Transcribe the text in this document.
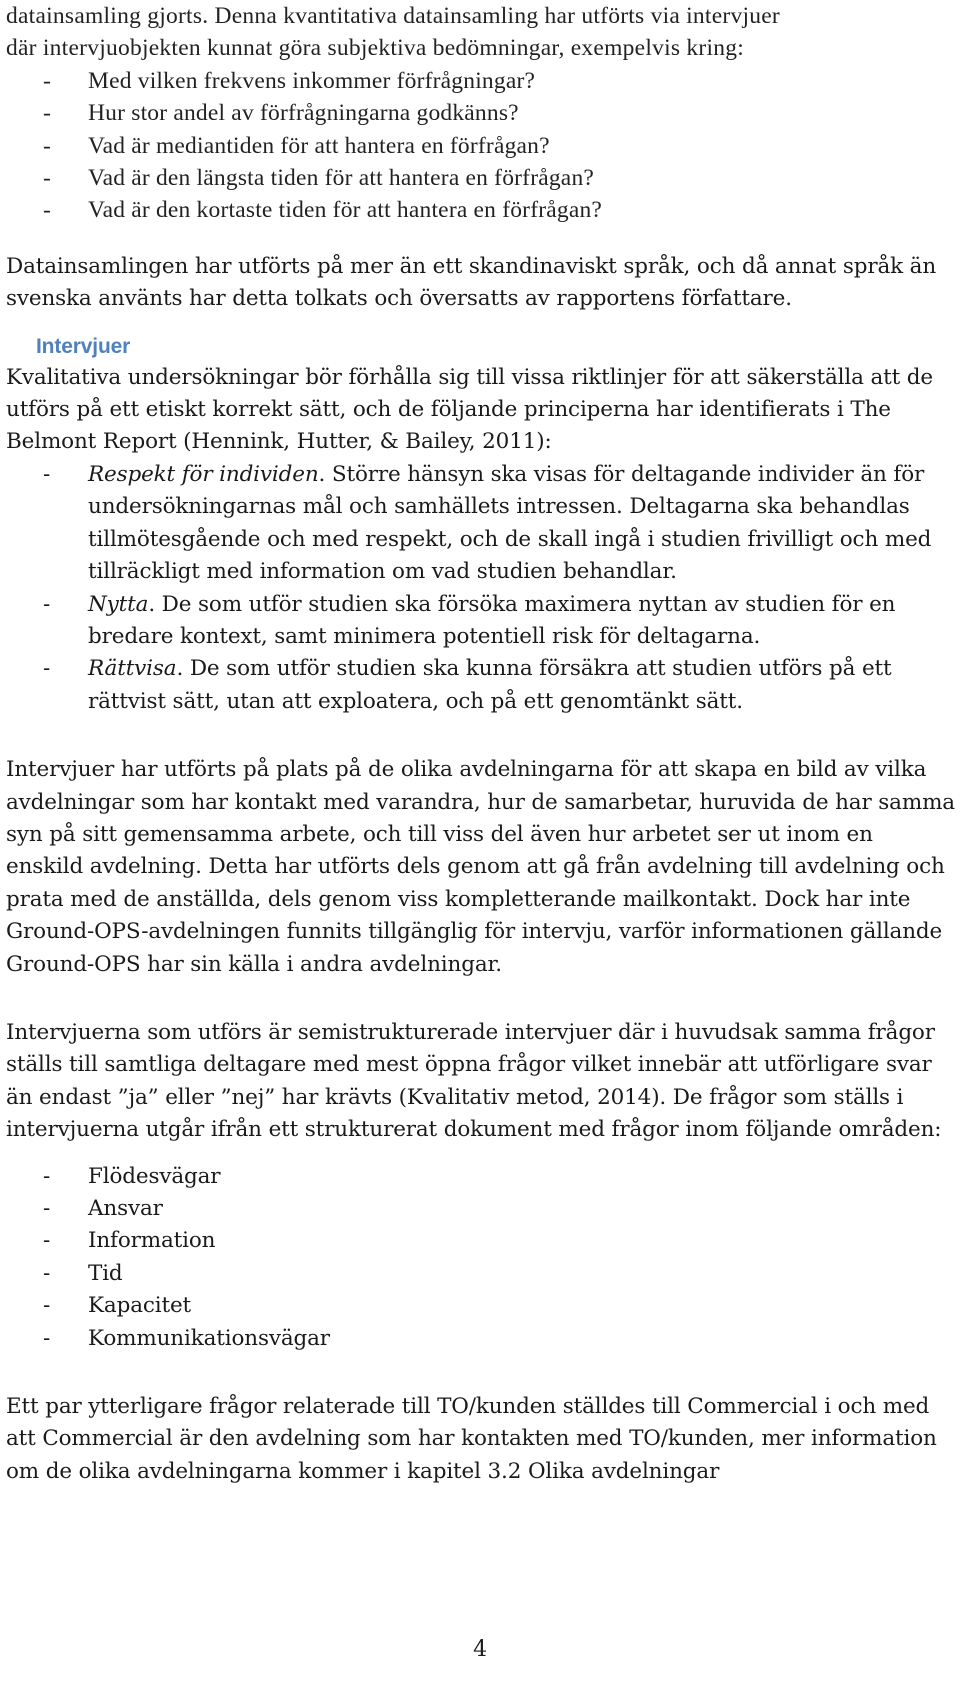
datainsamling gjorts. Denna kvantitativa datainsamling har utförts via intervjuer

där intervjuobjekten kunnat göra subjektiva bedömningar, exempelvis kring:

- Med vilken frekvens inkommer förfrågningar?
- Hur stor andel av förfrågningarna godkänns?
- Vad är mediantiden för att hantera en förfrågan?
- Vad är den längsta tiden för att hantera en förfrågan?
- Vad är den kortaste tiden för att hantera en förfrågan?

Datainsamlingen har utförts på mer än ett skandinaviskt språk, och då annat språk än svenska använts har detta tolkats och översatts av rapportens författare.

Intervjuer

Kvalitativa undersökningar bör förhålla sig till vissa riktlinjer för att säkerställa att de utförs på ett etiskt korrekt sätt, och de följande principerna har identifierats i The Belmont Report (Hennink, Hutter, & Bailey, 2011):

- Respekt för individen. Större hänsyn ska visas för deltagande individer än för undersökningarnas mål och samhällets intressen. Deltagarna ska behandlas tillmötesgående och med respekt, och de skall ingå i studien frivilligt och med tillräckligt med information om vad studien behandlar.
- Nytta. De som utför studien ska försöka maximera nyttan av studien för en bredare kontext, samt minimera potentiell risk för deltagarna.
- Rättvisa. De som utför studien ska kunna försäkra att studien utförs på ett rättvist sätt, utan att exploatera, och på ett genomtänkt sätt.

Intervjuer har utförts på plats på de olika avdelningarna för att skapa en bild av vilka avdelningar som har kontakt med varandra, hur de samarbetar, huruvida de har samma syn på sitt gemensamma arbete, och till viss del även hur arbetet ser ut inom en enskild avdelning. Detta har utförts dels genom att gå från avdelning till avdelning och prata med de anställda, dels genom viss kompletterande mailkontakt. Dock har inte Ground-OPS-avdelningen funnits tillgänglig för intervju, varför informationen gällande Ground-OPS har sin källa i andra avdelningar.

Intervjuerna som utförs är semistrukturerade intervjuer där i huvudsak samma frågor ställs till samtliga deltagare med mest öppna frågor vilket innebär att utförligare svar än endast ”ja” eller ”nej” har krävts (Kvalitativ metod, 2014). De frågor som ställs i intervjuerna utgår ifrån ett strukturerat dokument med frågor inom följande områden:

- Flödesvägar
- Ansvar
- Information
- Tid
- Kapacitet
- Kommunikationsvägar

Ett par ytterligare frågor relaterade till TO/kunden ställdes till Commercial i och med att Commercial är den avdelning som har kontakten med TO/kunden, mer information om de olika avdelningarna kommer i kapitel 3.2 Olika avdelningar

4
